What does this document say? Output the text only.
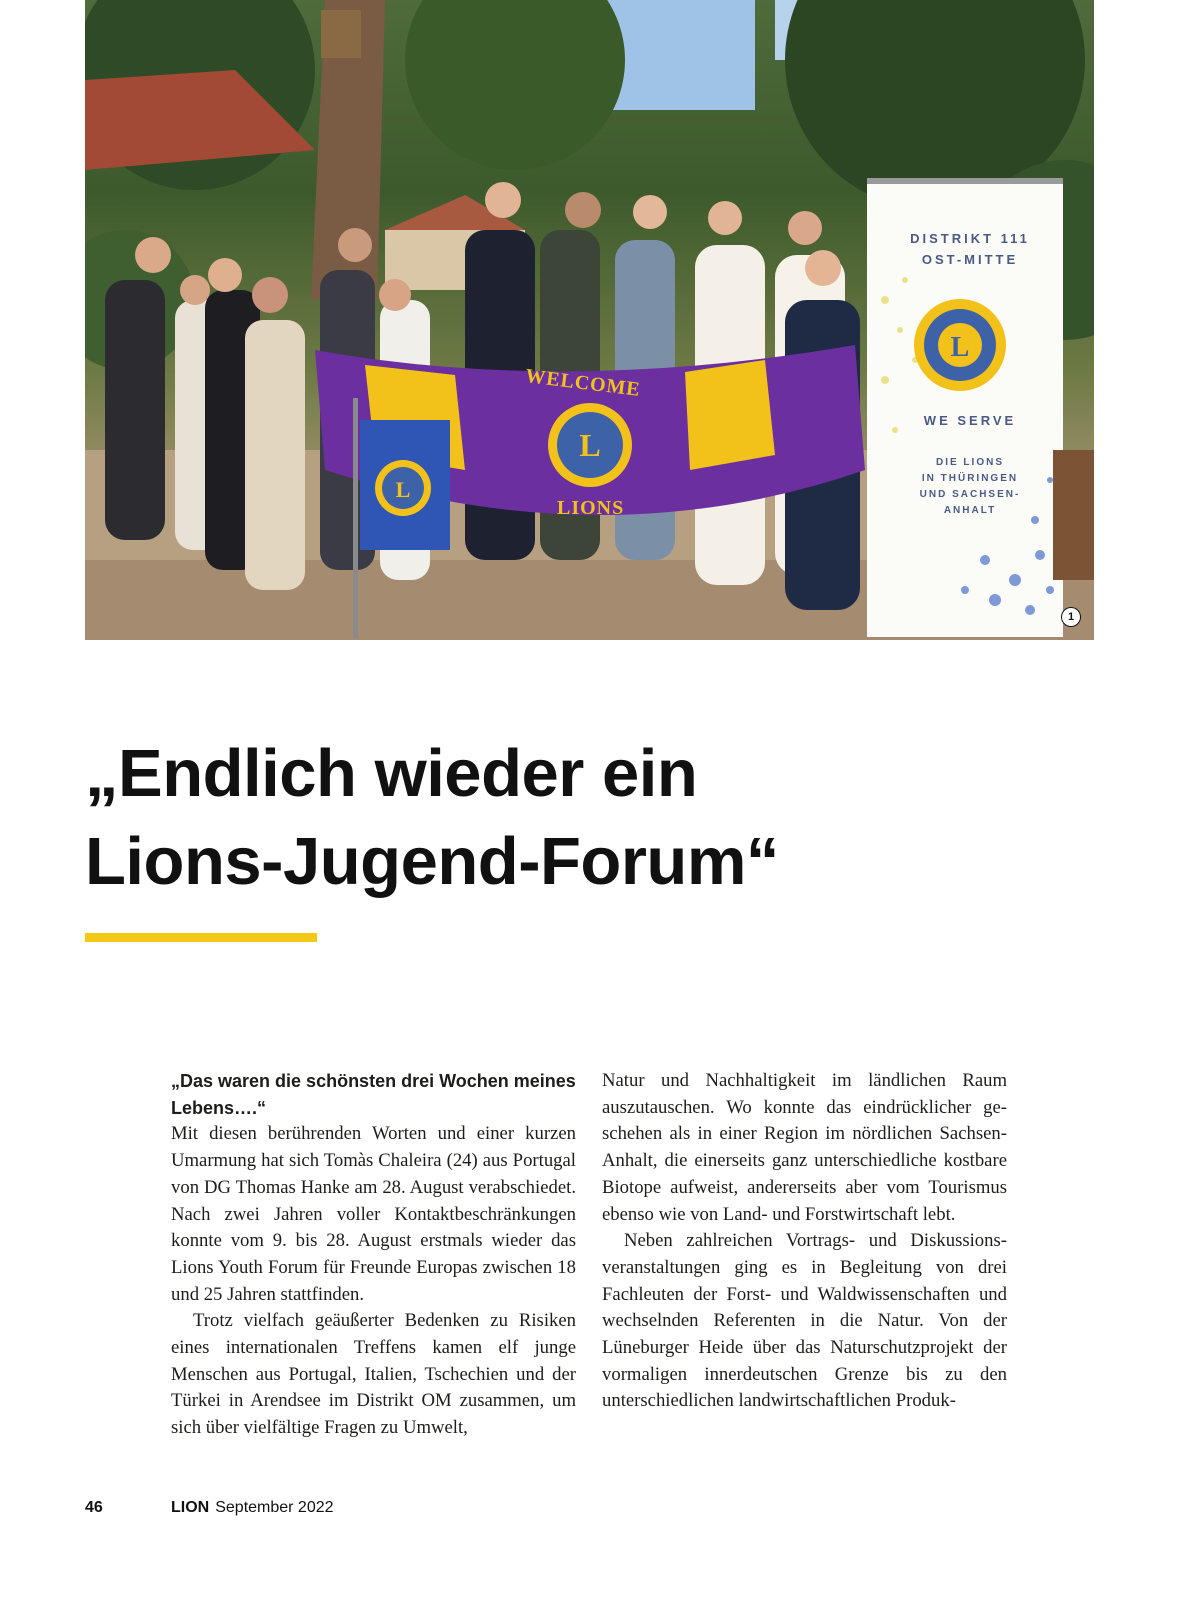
L
L
L
DISTRIKT 111
OST-MITTE
WE SERVE
DIE LIONS
IN THÜRINGEN
UND SACHSEN-
ANHALT
WELCOME
LIONS
1
„Endlich wieder ein
Lions-Jugend-Forum“

„Das waren die schönsten drei Wochen meines Lebens….“

Mit diesen berührenden Worten und einer kurzen Umarmung hat sich Tomàs Chaleira (24) aus Portugal von DG Thomas Hanke am 28. August verabschiedet. Nach zwei Jahren voller Kontaktbeschränkungen konnte vom 9. bis 28. August erstmals wieder das Lions Youth Forum für Freunde Europas zwischen 18 und 25 Jahren stattfinden.

Trotz vielfach geäußerter Bedenken zu Risiken eines internationalen Treffens kamen elf junge Menschen aus Portugal, Italien, Tschechien und der Türkei in Arendsee im Distrikt OM zusammen, um sich über vielfältige Fragen zu Umwelt,

Natur und Nachhaltigkeit im ländlichen Raum auszutauschen. Wo konnte das eindrücklicher geschehen als in einer Region im nördlichen Sachsen-Anhalt, die einerseits ganz unterschiedliche kostbare Biotope aufweist, andererseits aber vom Tourismus ebenso wie von Land- und Forstwirtschaft lebt.

Neben zahlreichen Vortrags- und Diskussionsveranstaltungen ging es in Begleitung von drei Fachleuten der Forst- und Waldwissenschaften und wechselnden Referenten in die Natur. Von der Lüneburger Heide über das Naturschutzprojekt der vormaligen innerdeutschen Grenze bis zu den unterschiedlichen landwirtschaftlichen Produk-

46	LION September 2022
